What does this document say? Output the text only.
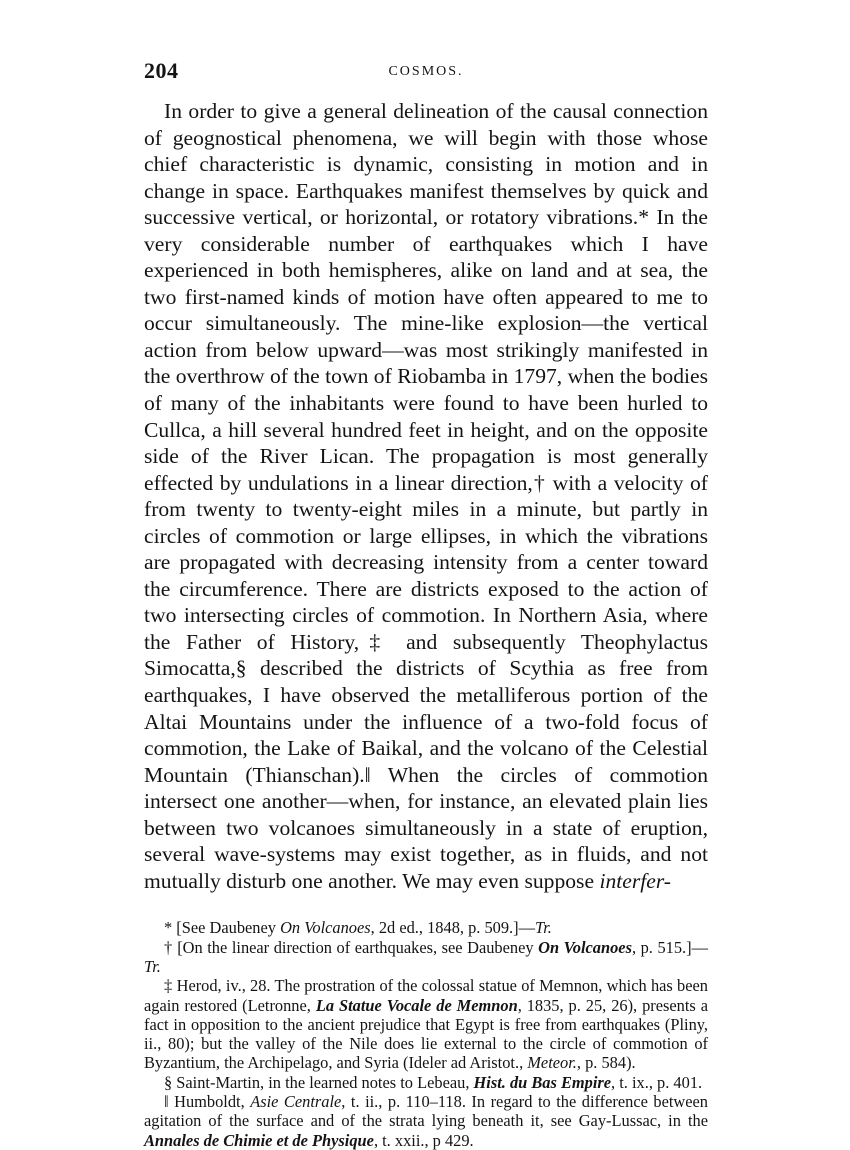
204	COSMOS.

In order to give a general delineation of the causal connection of geognostical phenomena, we will begin with those whose chief characteristic is dynamic, consisting in motion and in change in space. Earthquakes manifest themselves by quick and successive vertical, or horizontal, or rotatory vibrations.* In the very considerable number of earthquakes which I have experienced in both hemispheres, alike on land and at sea, the two first-named kinds of motion have often appeared to me to occur simultaneously. The mine-like explosion—the vertical action from below upward—was most strikingly manifested in the overthrow of the town of Riobamba in 1797, when the bodies of many of the inhabitants were found to have been hurled to Cullca, a hill several hundred feet in height, and on the opposite side of the River Lican. The propagation is most generally effected by undulations in a linear direction,† with a velocity of from twenty to twenty-eight miles in a minute, but partly in circles of commotion or large ellipses, in which the vibrations are propagated with decreasing intensity from a center toward the circumference. There are districts exposed to the action of two intersecting circles of commotion. In Northern Asia, where the Father of History,‡ and subsequently Theophylactus Simocatta,§ described the districts of Scythia as free from earthquakes, I have observed the metalliferous portion of the Altai Mountains under the influence of a two-fold focus of commotion, the Lake of Baikal, and the volcano of the Celestial Mountain (Thianschan).‖ When the circles of commotion intersect one another—when, for instance, an elevated plain lies between two volcanoes simultaneously in a state of eruption, several wave-systems may exist together, as in fluids, and not mutually disturb one another. We may even suppose interfer-

* [See Daubeney On Volcanoes, 2d ed., 1848, p. 509.]—Tr.

† [On the linear direction of earthquakes, see Daubeney On Volcanoes, p. 515.]—Tr.

‡ Herod, iv., 28. The prostration of the colossal statue of Memnon, which has been again restored (Letronne, La Statue Vocale de Memnon, 1835, p. 25, 26), presents a fact in opposition to the ancient prejudice that Egypt is free from earthquakes (Pliny, ii., 80); but the valley of the Nile does lie external to the circle of commotion of Byzantium, the Archipelago, and Syria (Ideler ad Aristot., Meteor., p. 584).

§ Saint-Martin, in the learned notes to Lebeau, Hist. du Bas Empire, t. ix., p. 401.

‖ Humboldt, Asie Centrale, t. ii., p. 110–118. In regard to the difference between agitation of the surface and of the strata lying beneath it, see Gay-Lussac, in the Annales de Chimie et de Physique, t. xxii., p 429.
